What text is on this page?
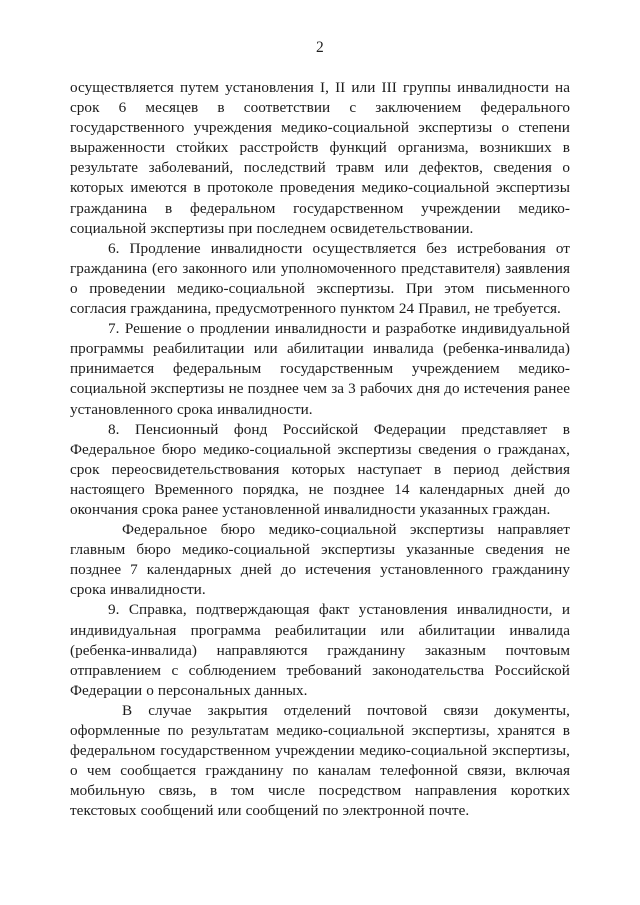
2

осуществляется путем установления I, II или III группы инвалидности на срок 6 месяцев в соответствии с заключением федерального государственного учреждения медико-социальной экспертизы о степени выраженности стойких расстройств функций организма, возникших в результате заболеваний, последствий травм или дефектов, сведения о которых имеются в протоколе проведения медико-социальной экспертизы гражданина в федеральном государственном учреждении медико-социальной экспертизы при последнем освидетельствовании.

6. Продление инвалидности осуществляется без истребования от гражданина (его законного или уполномоченного представителя) заявления о проведении медико-социальной экспертизы. При этом письменного согласия гражданина, предусмотренного пунктом 24 Правил, не требуется.

7. Решение о продлении инвалидности и разработке индивидуальной программы реабилитации или абилитации инвалида (ребенка-инвалида) принимается федеральным государственным учреждением медико-социальной экспертизы не позднее чем за 3 рабочих дня до истечения ранее установленного срока инвалидности.

8. Пенсионный фонд Российской Федерации представляет в Федеральное бюро медико-социальной экспертизы сведения о гражданах, срок переосвидетельствования которых наступает в период действия настоящего Временного порядка, не позднее 14 календарных дней до окончания срока ранее установленной инвалидности указанных граждан.

Федеральное бюро медико-социальной экспертизы направляет главным бюро медико-социальной экспертизы указанные сведения не позднее 7 календарных дней до истечения установленного гражданину срока инвалидности.

9. Справка, подтверждающая факт установления инвалидности, и индивидуальная программа реабилитации или абилитации инвалида (ребенка-инвалида) направляются гражданину заказным почтовым отправлением с соблюдением требований законодательства Российской Федерации о персональных данных.

В случае закрытия отделений почтовой связи документы, оформленные по результатам медико-социальной экспертизы, хранятся в федеральном государственном учреждении медико-социальной экспертизы, о чем сообщается гражданину по каналам телефонной связи, включая мобильную связь, в том числе посредством направления коротких текстовых сообщений или сообщений по электронной почте.
